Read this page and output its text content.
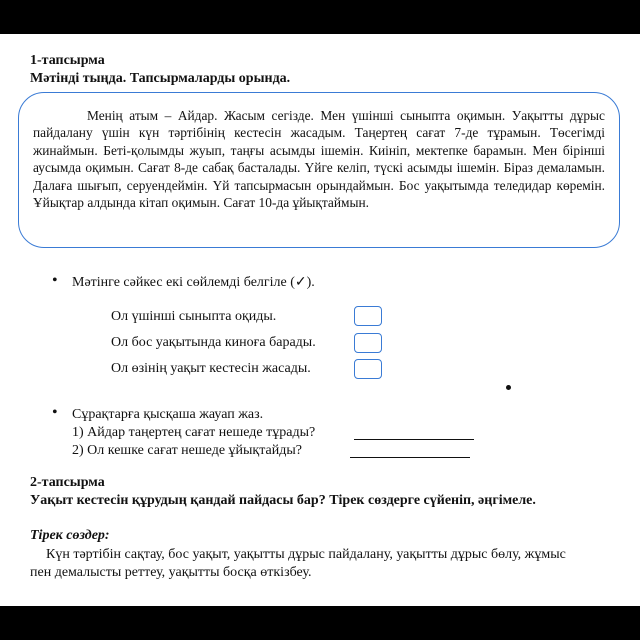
1-тапсырма
Мәтінді тыңда. Тапсырмаларды орында.

Менің атым – Айдар. Жасым сегізде. Мен үшінші сыныпта оқимын. Уақытты дұрыс пайдалану үшін күн тәртібінің кестесін жасадым. Таңертең сағат 7-де тұрамын. Төсегімді жинаймын. Беті-қолымды жуып, таңғы асымды ішемін. Киініп, мектепке барамын. Мен бірінші аусымда оқимын. Сағат 8-де сабақ басталады. Үйге келіп, түскі асымды ішемін. Біраз демаламын. Далаға шығып, серуендеймін. Үй тапсырмасын орындаймын. Бос уақытымда теледидар көремін. Ұйықтар алдында кітап оқимын. Сағат 10-да ұйықтаймын.

• Мәтінге сәйкес екі сөйлемді белгіле (✓).
Ол үшінші сыныпта оқиды.
Ол бос уақытында киноға барады.
Ол өзінің уақыт кестесін жасады.
• Сұрақтарға қысқаша жауап жаз.
1) Айдар таңертең сағат нешеде тұрады?
2) Ол кешке сағат нешеде ұйықтайды?
2-тапсырма
Уақыт кестесін құрудың қандай пайдасы бар? Тірек сөздерге сүйеніп, әңгімеле.
Тірек сөздер:
Күн тәртібін сақтау, бос уақыт, уақытты дұрыс пайдалану, уақытты дұрыс бөлу, жұмыс пен демалысты реттеу, уақытты босқа өткізбеу.
